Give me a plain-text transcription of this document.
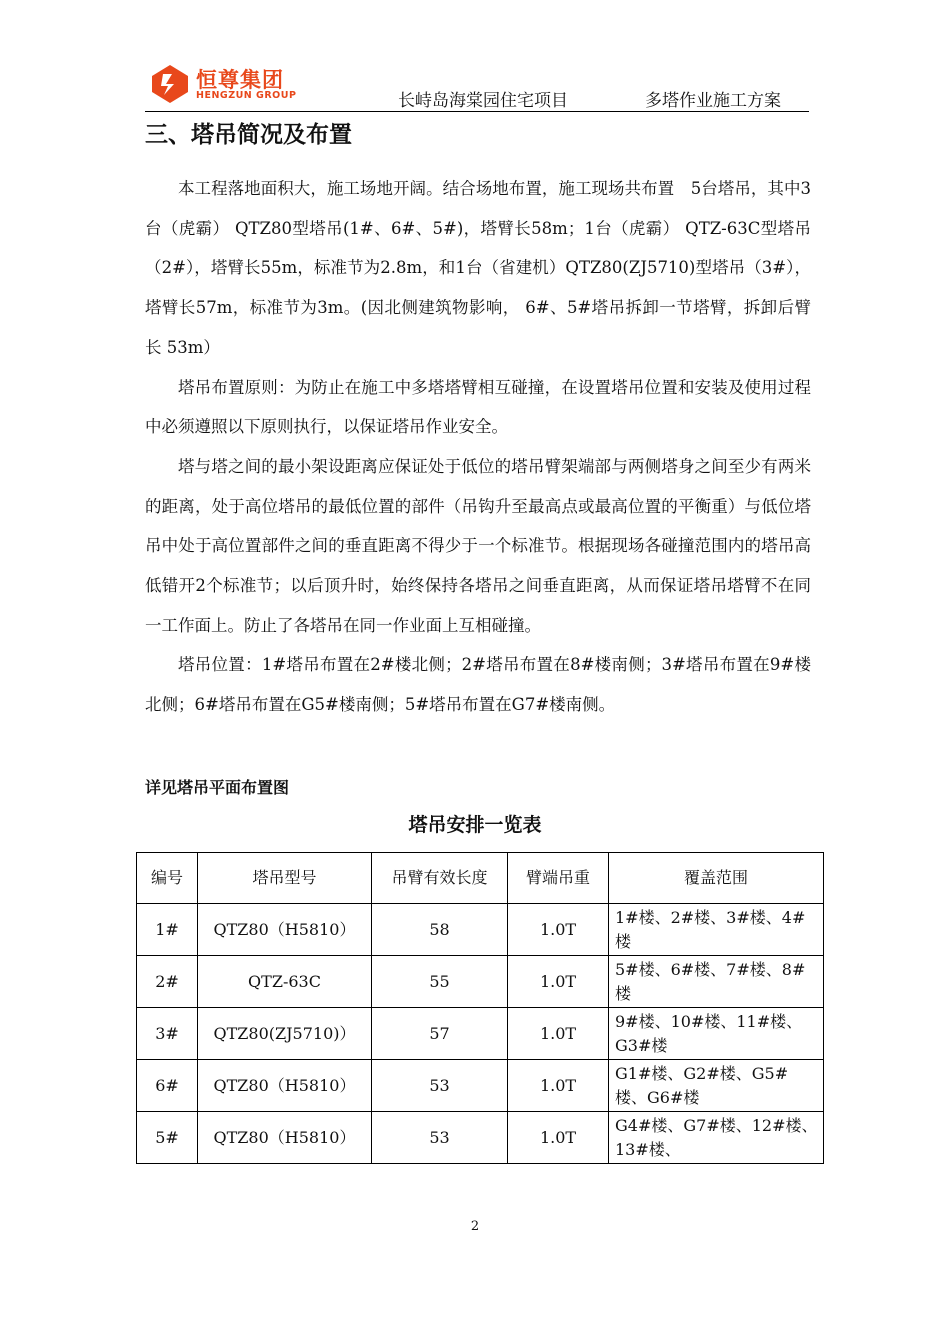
恒尊集团
HENGZUN GROUP	长峙岛海棠园住宅项目	多塔作业施工方案
三、塔吊简况及布置

本工程落地面积大，施工场地开阔。结合场地布置，施工现场共布置　5台塔吊，其中3台（虎霸） QTZ80型塔吊(1#、6#、5#)，塔臂长58m；1台（虎霸） QTZ-63C型塔吊（2#），塔臂长55m，标准节为2.8m，和1台（省建机）QTZ80(ZJ5710)型塔吊（3#），塔臂长57m，标准节为3m。(因北侧建筑物影响， 6#、5#塔吊拆卸一节塔臂，拆卸后臂长 53m）

塔吊布置原则：为防止在施工中多塔塔臂相互碰撞，在设置塔吊位置和安装及使用过程中必须遵照以下原则执行，以保证塔吊作业安全。

塔与塔之间的最小架设距离应保证处于低位的塔吊臂架端部与两侧塔身之间至少有两米的距离，处于高位塔吊的最低位置的部件（吊钩升至最高点或最高位置的平衡重）与低位塔吊中处于高位置部件之间的垂直距离不得少于一个标准节。根据现场各碰撞范围内的塔吊高低错开2个标准节；以后顶升时，始终保持各塔吊之间垂直距离，从而保证塔吊塔臂不在同一工作面上。防止了各塔吊在同一作业面上互相碰撞。

塔吊位置：1#塔吊布置在2#楼北侧；2#塔吊布置在8#楼南侧；3#塔吊布置在9#楼北侧；6#塔吊布置在G5#楼南侧；5#塔吊布置在G7#楼南侧。

详见塔吊平面布置图
塔吊安排一览表
编号	塔吊型号	吊臂有效长度	臂端吊重	覆盖范围
1#	QTZ80（H5810）	58	1.0T	1#楼、2#楼、3#楼、4#楼
2#	QTZ-63C	55	1.0T	5#楼、6#楼、7#楼、8#楼
3#	QTZ80(ZJ5710)）	57	1.0T	9#楼、10#楼、11#楼、G3#楼
6#	QTZ80（H5810）	53	1.0T	G1#楼、G2#楼、G5#楼、G6#楼
5#	QTZ80（H5810）	53	1.0T	G4#楼、G7#楼、12#楼、13#楼、
2
